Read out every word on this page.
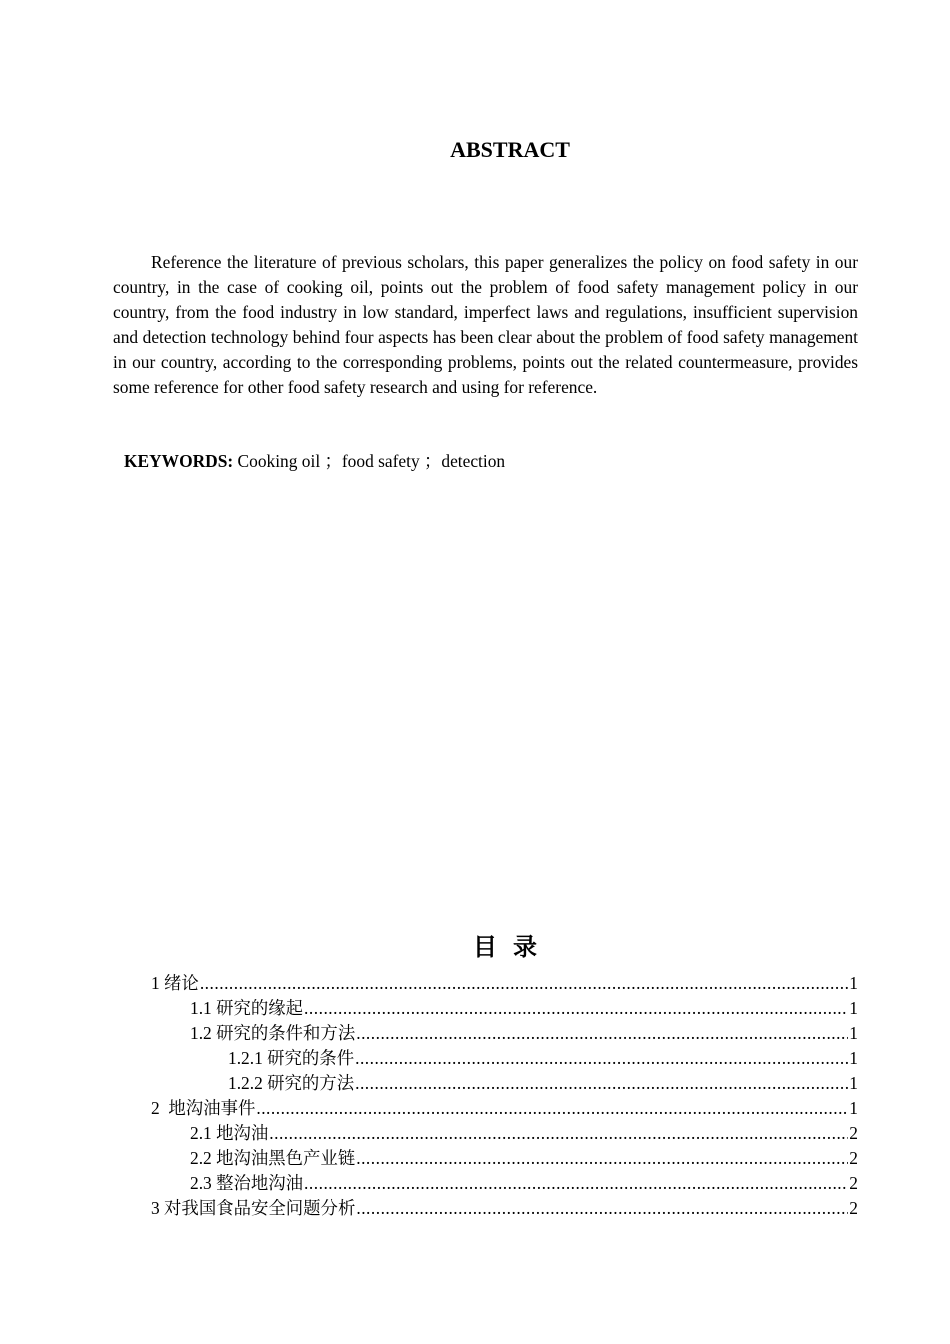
ABSTRACT

Reference the literature of previous scholars, this paper generalizes the policy on food safety in our country, in the case of cooking oil, points out the problem of food safety management policy in our country, from the food industry in low standard, imperfect laws and regulations, insufficient supervision and detection technology behind four aspects has been clear about the problem of food safety management in our country, according to the corresponding problems, points out the related countermeasure, provides some reference for other food safety research and using for reference.

KEYWORDS: Cooking oil ；food safety ；detection
目录
1 绪论 .....	1
1.1 研究的缘起 .....	1
1.2 研究的条件和方法 .....	1
1.2.1 研究的条件 .....	1
1.2.2 研究的方法 .....	1
2  地沟油事件 .....	1
2.1 地沟油 .....	2
2.2 地沟油黑色产业链 .....	2
2.3 整治地沟油 .....	2
3 对我国食品安全问题分析 .....	2
